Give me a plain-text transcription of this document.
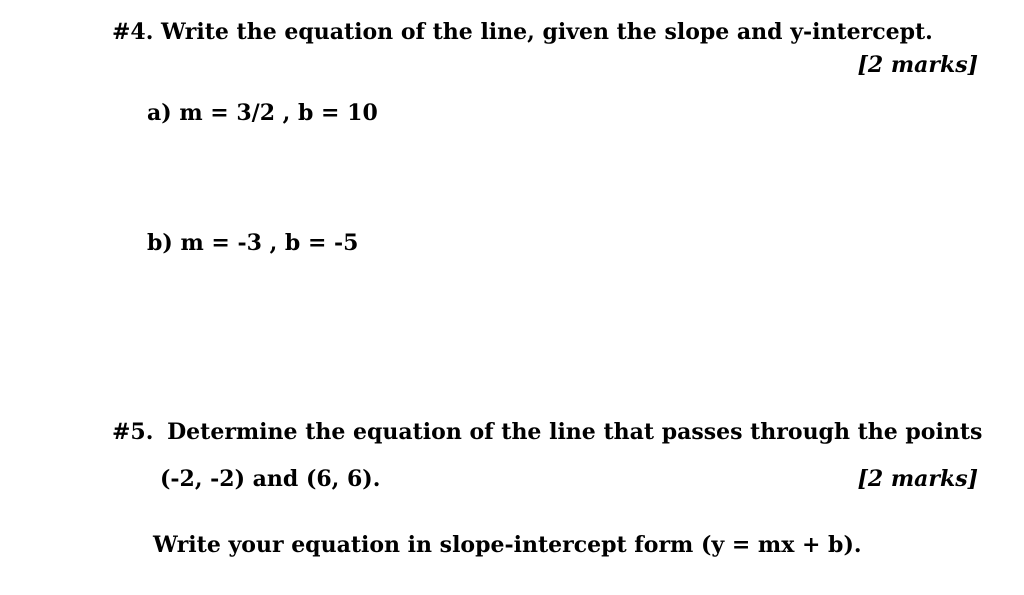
#4. Write the equation of the line, given the slope and y-intercept.
[2 marks]
a) m = 3/2 , b = 10
b) m = -3 , b = -5
#5. Determine the equation of the line that passes through the points
(-2, -2) and (6, 6).	[2 marks]
Write your equation in slope-intercept form (y = mx + b).
